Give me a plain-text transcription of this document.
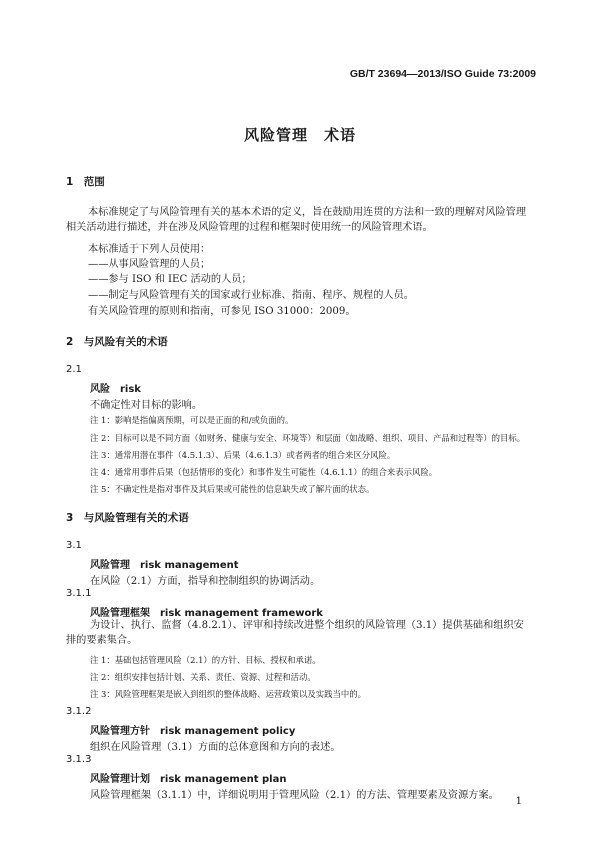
GB/T 23694—2013/ISO Guide 73:2009
风险管理　术语
1　范围
本标准规定了与风险管理有关的基本术语的定义，旨在鼓励用连贯的方法和一致的理解对风险管理相关活动进行描述，并在涉及风险管理的过程和框架时使用统一的风险管理术语。
本标准适于下列人员使用：
——从事风险管理的人员；
——参与 ISO 和 IEC 活动的人员；
——制定与风险管理有关的国家或行业标准、指南、程序、规程的人员。
有关风险管理的原则和指南，可参见 ISO 31000：2009。
2　与风险有关的术语
2.1
风险　risk
不确定性对目标的影响。
注 1：影响是指偏离预期，可以是正面的和/或负面的。
注 2：目标可以是不同方面（如财务、健康与安全、环境等）和层面（如战略、组织、项目、产品和过程等）的目标。
注 3：通常用潜在事件（4.5.1.3）、后果（4.6.1.3）或者两者的组合来区分风险。
注 4：通常用事件后果（包括情形的变化）和事件发生可能性（4.6.1.1）的组合来表示风险。
注 5：不确定性是指对事件及其后果或可能性的信息缺失或了解片面的状态。
3　与风险管理有关的术语
3.1
风险管理　risk management
在风险（2.1）方面，指导和控制组织的协调活动。
3.1.1
风险管理框架　risk management framework
为设计、执行、监督（4.8.2.1）、评审和持续改进整个组织的风险管理（3.1）提供基础和组织安排的要素集合。
注 1：基础包括管理风险（2.1）的方针、目标、授权和承诺。
注 2：组织安排包括计划、关系、责任、资源、过程和活动。
注 3：风险管理框架是嵌入到组织的整体战略、运营政策以及实践当中的。
3.1.2
风险管理方针　risk management policy
组织在风险管理（3.1）方面的总体意图和方向的表述。
3.1.3
风险管理计划　risk management plan
风险管理框架（3.1.1）中，详细说明用于管理风险（2.1）的方法、管理要素及资源方案。
1
